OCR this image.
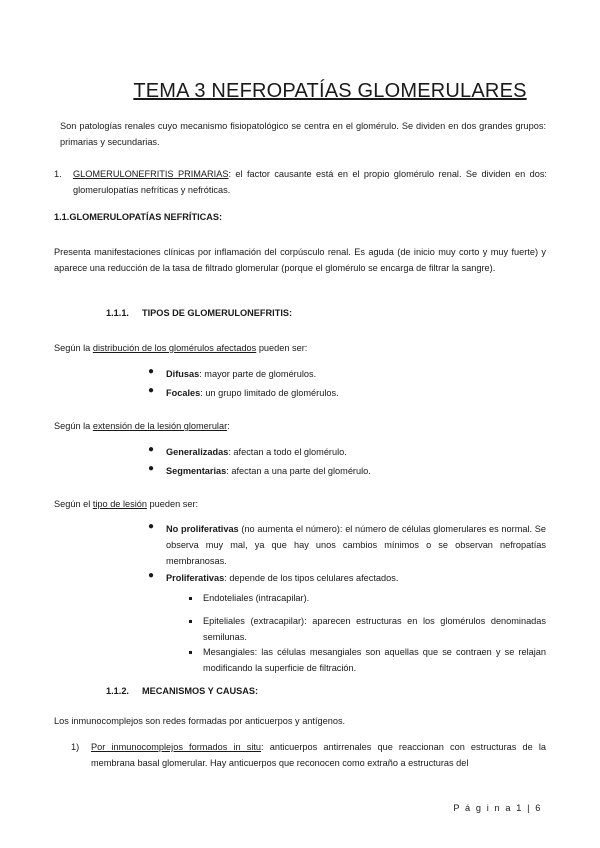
TEMA 3 NEFROPATÍAS GLOMERULARES
Son patologías renales cuyo mecanismo fisiopatológico se centra en el glomérulo. Se dividen en dos grandes grupos: primarias y secundarias.
1. GLOMERULONEFRITIS PRIMARIAS: el factor causante está en el propio glomérulo renal. Se dividen en dos: glomerulopatías nefríticas y nefróticas.
1.1.GLOMERULOPATÍAS NEFRÍTICAS:
Presenta manifestaciones clínicas por inflamación del corpúsculo renal. Es aguda (de inicio muy corto y muy fuerte) y aparece una reducción de la tasa de filtrado glomerular (porque el glomérulo se encarga de filtrar la sangre).
1.1.1. TIPOS DE GLOMERULONEFRITIS:
Según la distribución de los glomérulos afectados pueden ser:
● Difusas: mayor parte de glomérulos.
● Focales: un grupo limitado de glomérulos.
Según la extensión de la lesión glomerular:
● Generalizadas: afectan a todo el glomérulo.
● Segmentarias: afectan a una parte del glomérulo.
Según el tipo de lesión pueden ser:
● No proliferativas (no aumenta el número): el número de células glomerulares es normal. Se observa muy mal, ya que hay unos cambios mínimos o se observan nefropatías membranosas.
● Proliferativas: depende de los tipos celulares afectados.
Endoteliales (intracapilar).
Epiteliales (extracapilar): aparecen estructuras en los glomérulos denominadas semilunas.
Mesangiales: las células mesangiales son aquellas que se contraen y se relajan modificando la superficie de filtración.
1.1.2. MECANISMOS Y CAUSAS:
Los inmunocomplejos son redes formadas por anticuerpos y antígenos.
1) Por inmunocomplejos formados in situ: anticuerpos antirrenales que reaccionan con estructuras de la membrana basal glomerular. Hay anticuerpos que reconocen como extraño a estructuras del
P á g i n a 1 | 6
